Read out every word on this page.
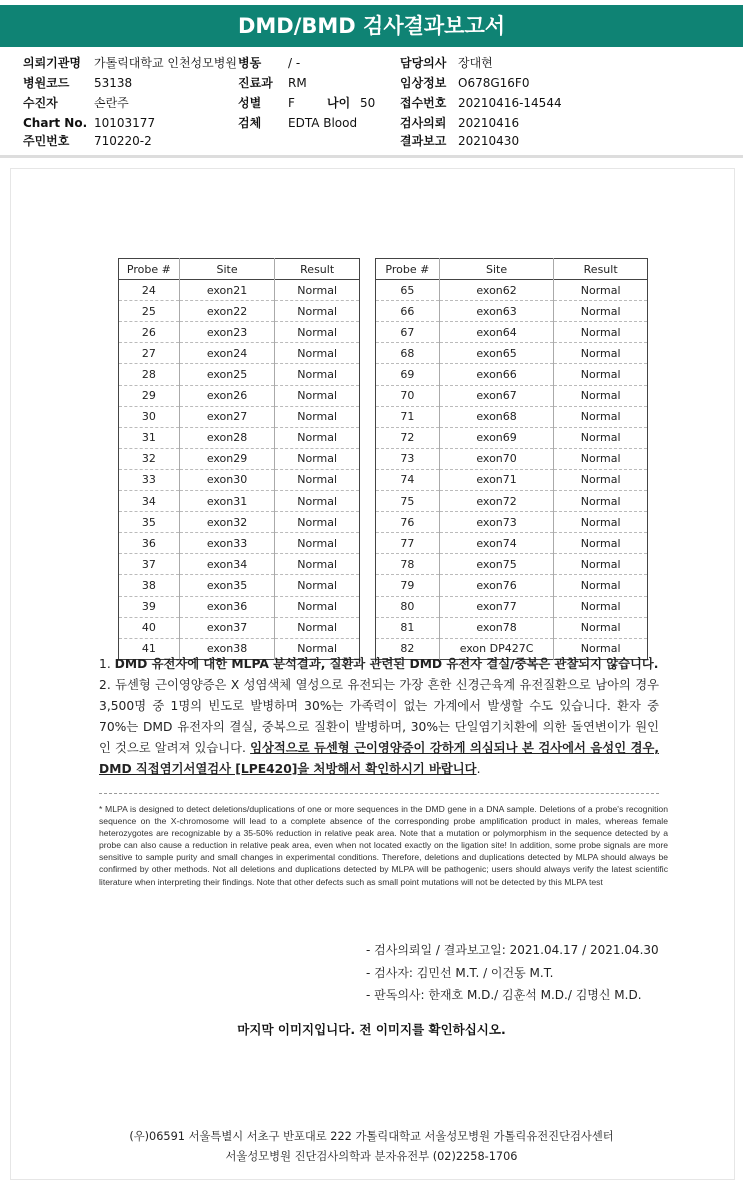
DMD/BMD 검사결과보고서
의뢰기관명 가톨릭대학교 인천성모병원
병원코드 53138
수진자	손란주
Chart No. 10103177
주민번호 710220-2
병동 / -
진료과 RM
성별 F	나이 50
검체 EDTA Blood
담당의사 장대현
임상정보 O678G16F0
접수번호 20210416-14544
검사의뢰 20210416
결과보고 20210430
Probe #	Site	Result
24	exon21	Normal
25	exon22	Normal
26	exon23	Normal
27	exon24	Normal
28	exon25	Normal
29	exon26	Normal
30	exon27	Normal
31	exon28	Normal
32	exon29	Normal
33	exon30	Normal
34	exon31	Normal
35	exon32	Normal
36	exon33	Normal
37	exon34	Normal
38	exon35	Normal
39	exon36	Normal
40	exon37	Normal
41	exon38	Normal
Probe #	Site	Result
65	exon62	Normal
66	exon63	Normal
67	exon64	Normal
68	exon65	Normal
69	exon66	Normal
70	exon67	Normal
71	exon68	Normal
72	exon69	Normal
73	exon70	Normal
74	exon71	Normal
75	exon72	Normal
76	exon73	Normal
77	exon74	Normal
78	exon75	Normal
79	exon76	Normal
80	exon77	Normal
81	exon78	Normal
82	exon DP427C	Normal

1. DMD 유전자에 대한 MLPA 분석결과, 질환과 관련된 DMD 유전자 결실/중복은 관찰되지 않습니다.

2. 듀센형 근이영양증은 X 성염색체 열성으로 유전되는 가장 흔한 신경근육계 유전질환으로 남아의 경우 3,500명 중 1명의 빈도로 발병하며 30%는 가족력이 없는 가계에서 발생할 수도 있습니다. 환자 중 70%는 DMD 유전자의 결실, 중복으로 질환이 발병하며, 30%는 단일염기치환에 의한 돌연변이가 원인인 것으로 알려져 있습니다. 임상적으로 듀센형 근이영양증이 강하게 의심되나 본 검사에서 음성인 경우, DMD 직접염기서열검사 [LPE420]을 처방해서 확인하시기 바랍니다.

* MLPA is designed to detect deletions/duplications of one or more sequences in the DMD gene in a DNA sample. Deletions of a probe's recognition sequence on the X-chromosome will lead to a complete absence of the corresponding probe amplification product in males, whereas female heterozygotes are recognizable by a 35-50% reduction in relative peak area. Note that a mutation or polymorphism in the sequence detected by a probe can also cause a reduction in relative peak area, even when not located exactly on the ligation site! In addition, some probe signals are more sensitive to sample purity and small changes in experimental conditions. Therefore, deletions and duplications detected by MLPA should always be confirmed by other methods. Not all deletions and duplications detected by MLPA will be pathogenic; users should always verify the latest scientific literature when interpreting their findings. Note that other defects such as small point mutations will not be detected by this MLPA test
- 검사의뢰일 / 결과보고일: 2021.04.17 / 2021.04.30
- 검사자: 김민선 M.T. / 이건동 M.T.
- 판독의사: 한재호 M.D./ 김훈석 M.D./ 김명신 M.D.
마지막 이미지입니다. 전 이미지를 확인하십시오.
(우)06591 서울특별시 서초구 반포대로 222 가톨릭대학교 서울성모병원 가톨릭유전진단검사센터
서울성모병원 진단검사의학과 분자유전부 (02)2258-1706
